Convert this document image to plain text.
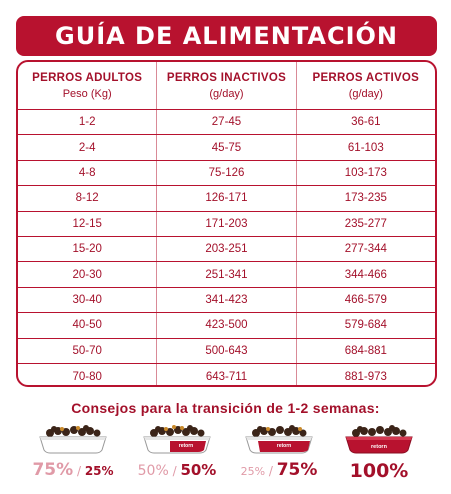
GUÍA DE ALIMENTACIÓN
PERROS ADULTOS
Peso (Kg)
PERROS INACTIVOS
(g/day)
PERROS ACTIVOS
(g/day)
1-2	27-45	36-61
2-4	45-75	61-103
4-8	75-126	103-173
8-12	126-171	173-235
12-15	171-203	235-277
15-20	203-251	277-344
20-30	251-341	344-466
30-40	341-423	466-579
40-50	423-500	579-684
50-70	500-643	684-881
70-80	643-711	881-973
Consejos para la transición de 1-2 semanas:
75% / 25%
retorn
50% / 50%
retorn
25% / 75%
retorn
100%
